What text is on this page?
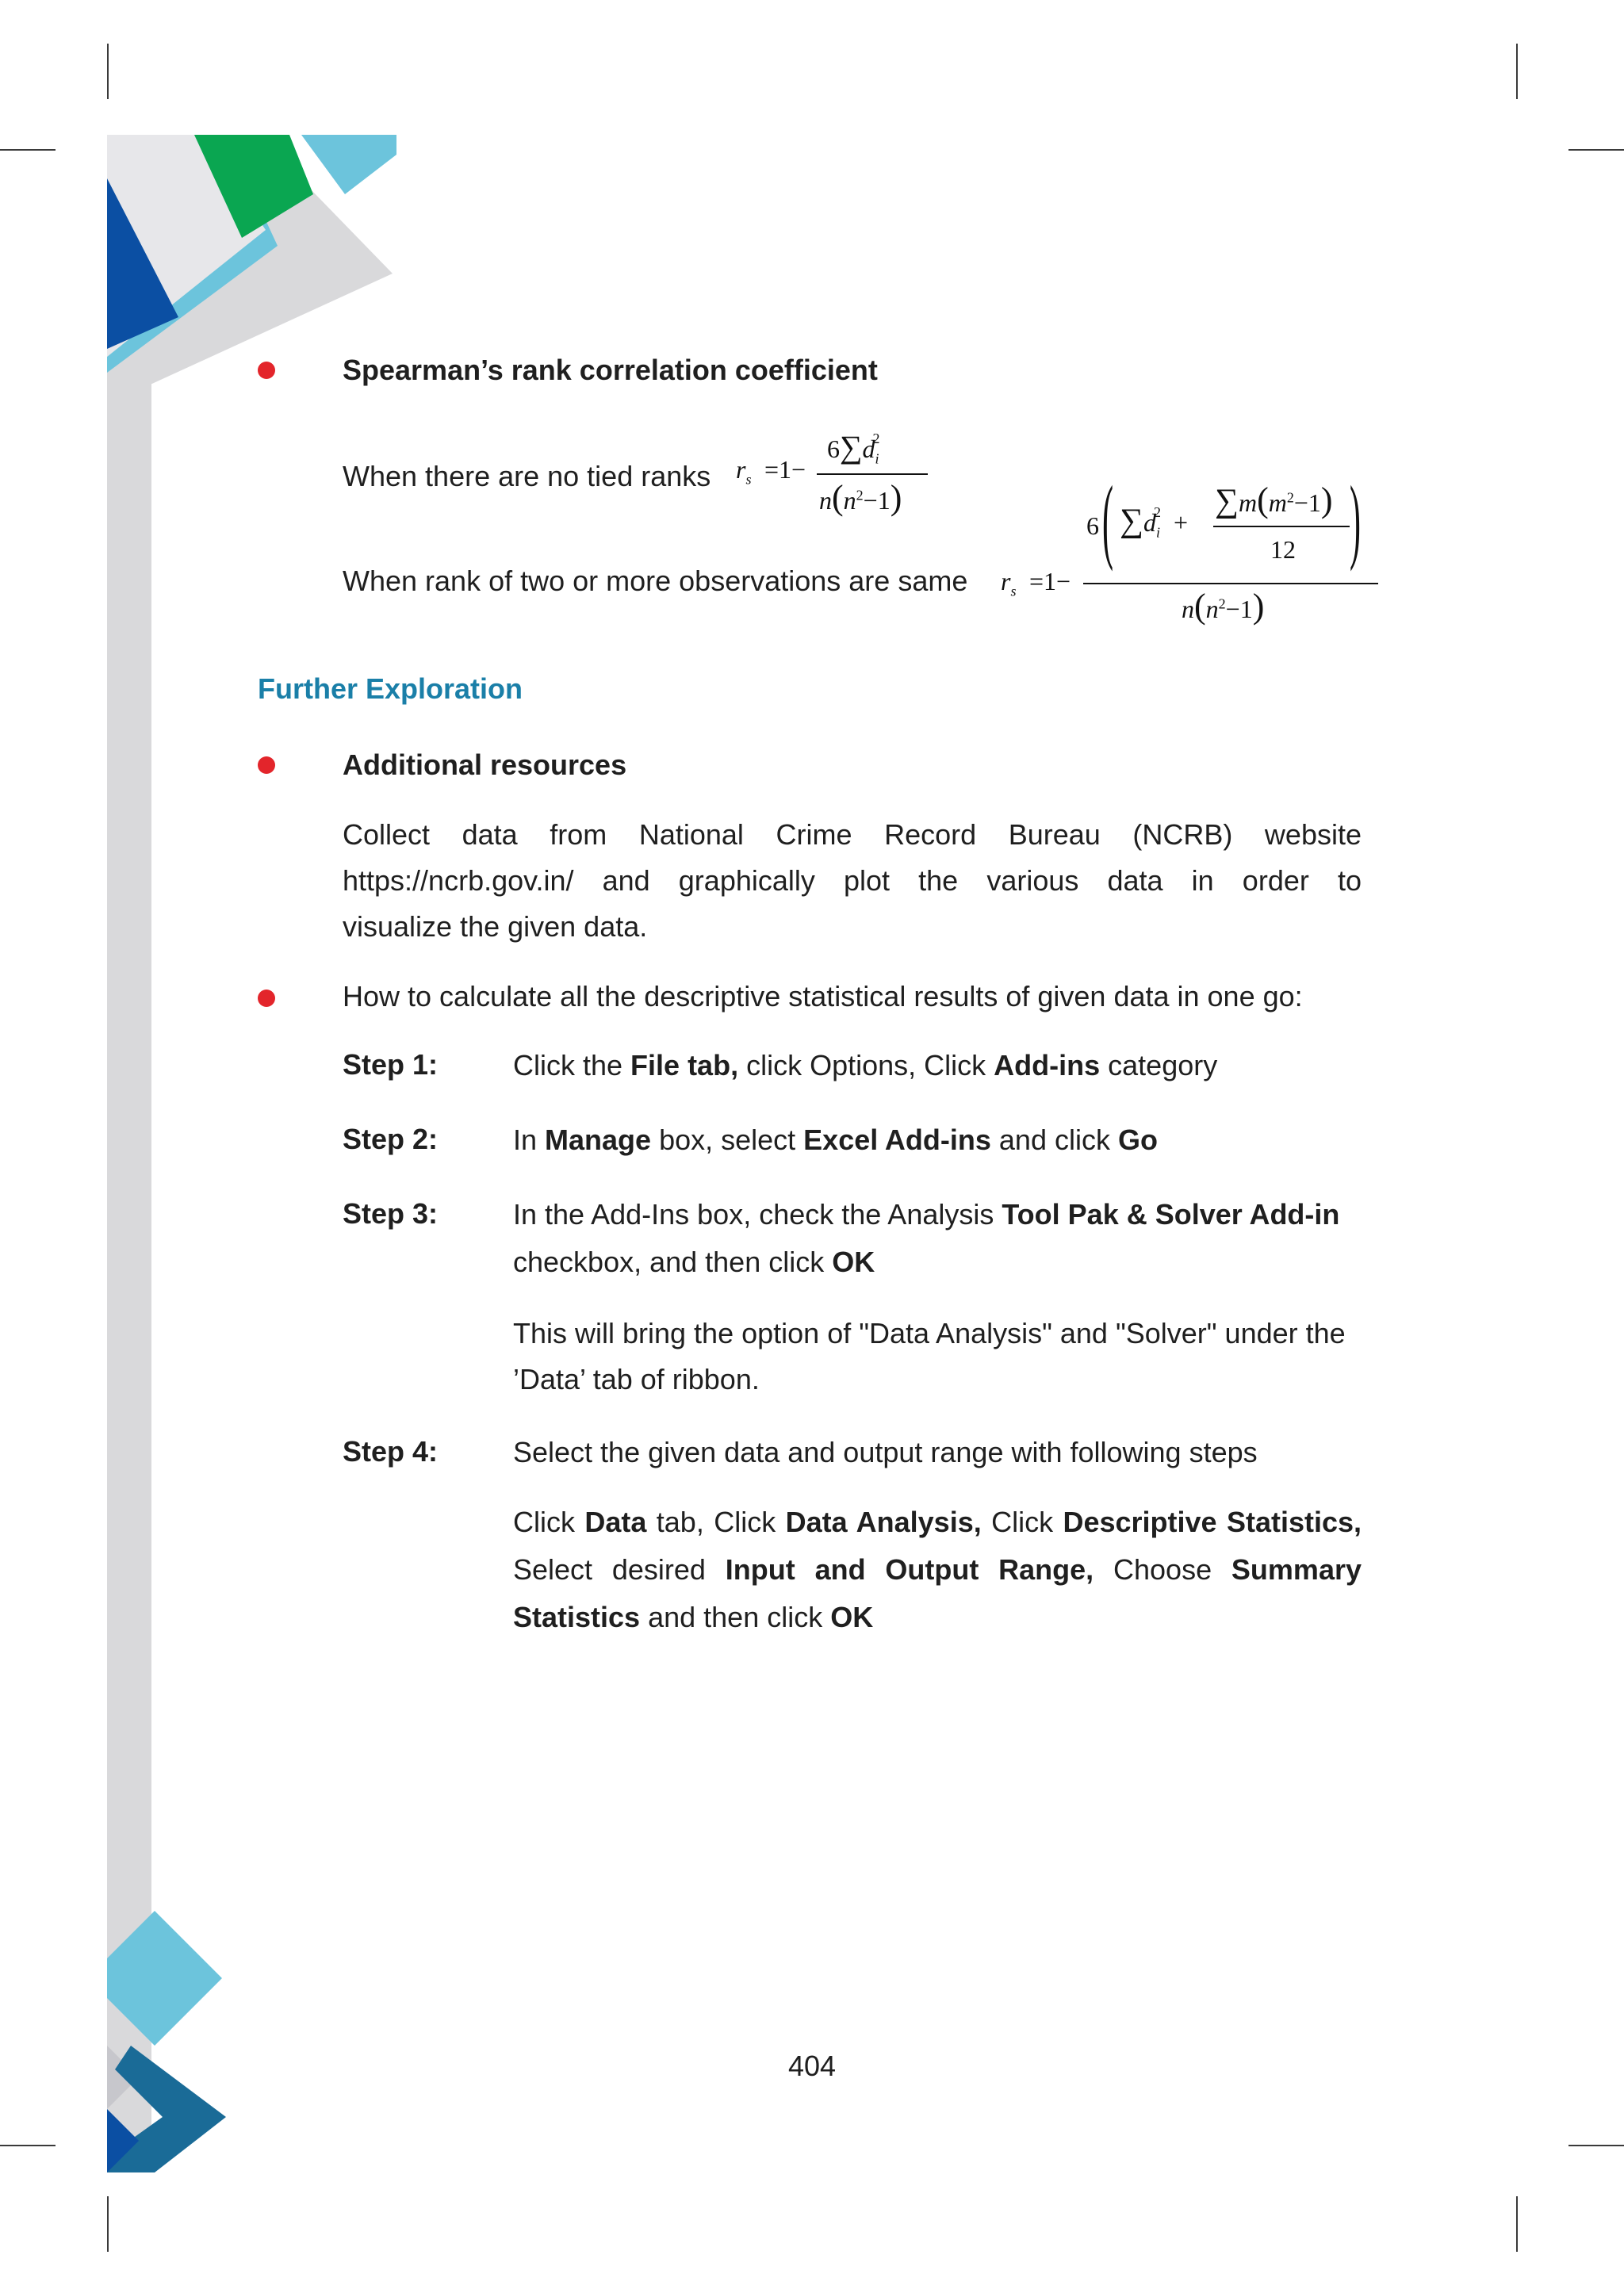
Spearman’s rank correlation coefficient
When there are no tied ranks $r_s =1-$
$6\sum d_i^2$
$n(n^2-1)$
When rank of two or more observations are same $r_s =1-$
6 ( $\sum d_i^2$ +
$\sum m(m^2-1)$
12 )
$n(n^2-1)$
Further Exploration
Additional resources
Collect data from National Crime Record Bureau (NCRB) website
https://ncrb.gov.in/ and graphically plot the various data in order to
visualize the given data.
How to calculate all the descriptive statistical results of given data in one go:
Step 1:	Click the File tab, click Options, Click Add-ins category
Step 2:	In Manage box, select Excel Add-ins and click Go
Step 3:	In the Add-Ins box, check the Analysis Tool Pak & Solver Add-in
checkbox, and then click OK
This will bring the option of "Data Analysis" and "Solver" under the
’Data’ tab of ribbon.
Step 4:	Select the given data and output range with following steps
Click Data tab, Click Data Analysis, Click Descriptive Statistics,
Select desired Input and Output Range, Choose Summary
Statistics and then click OK
404
